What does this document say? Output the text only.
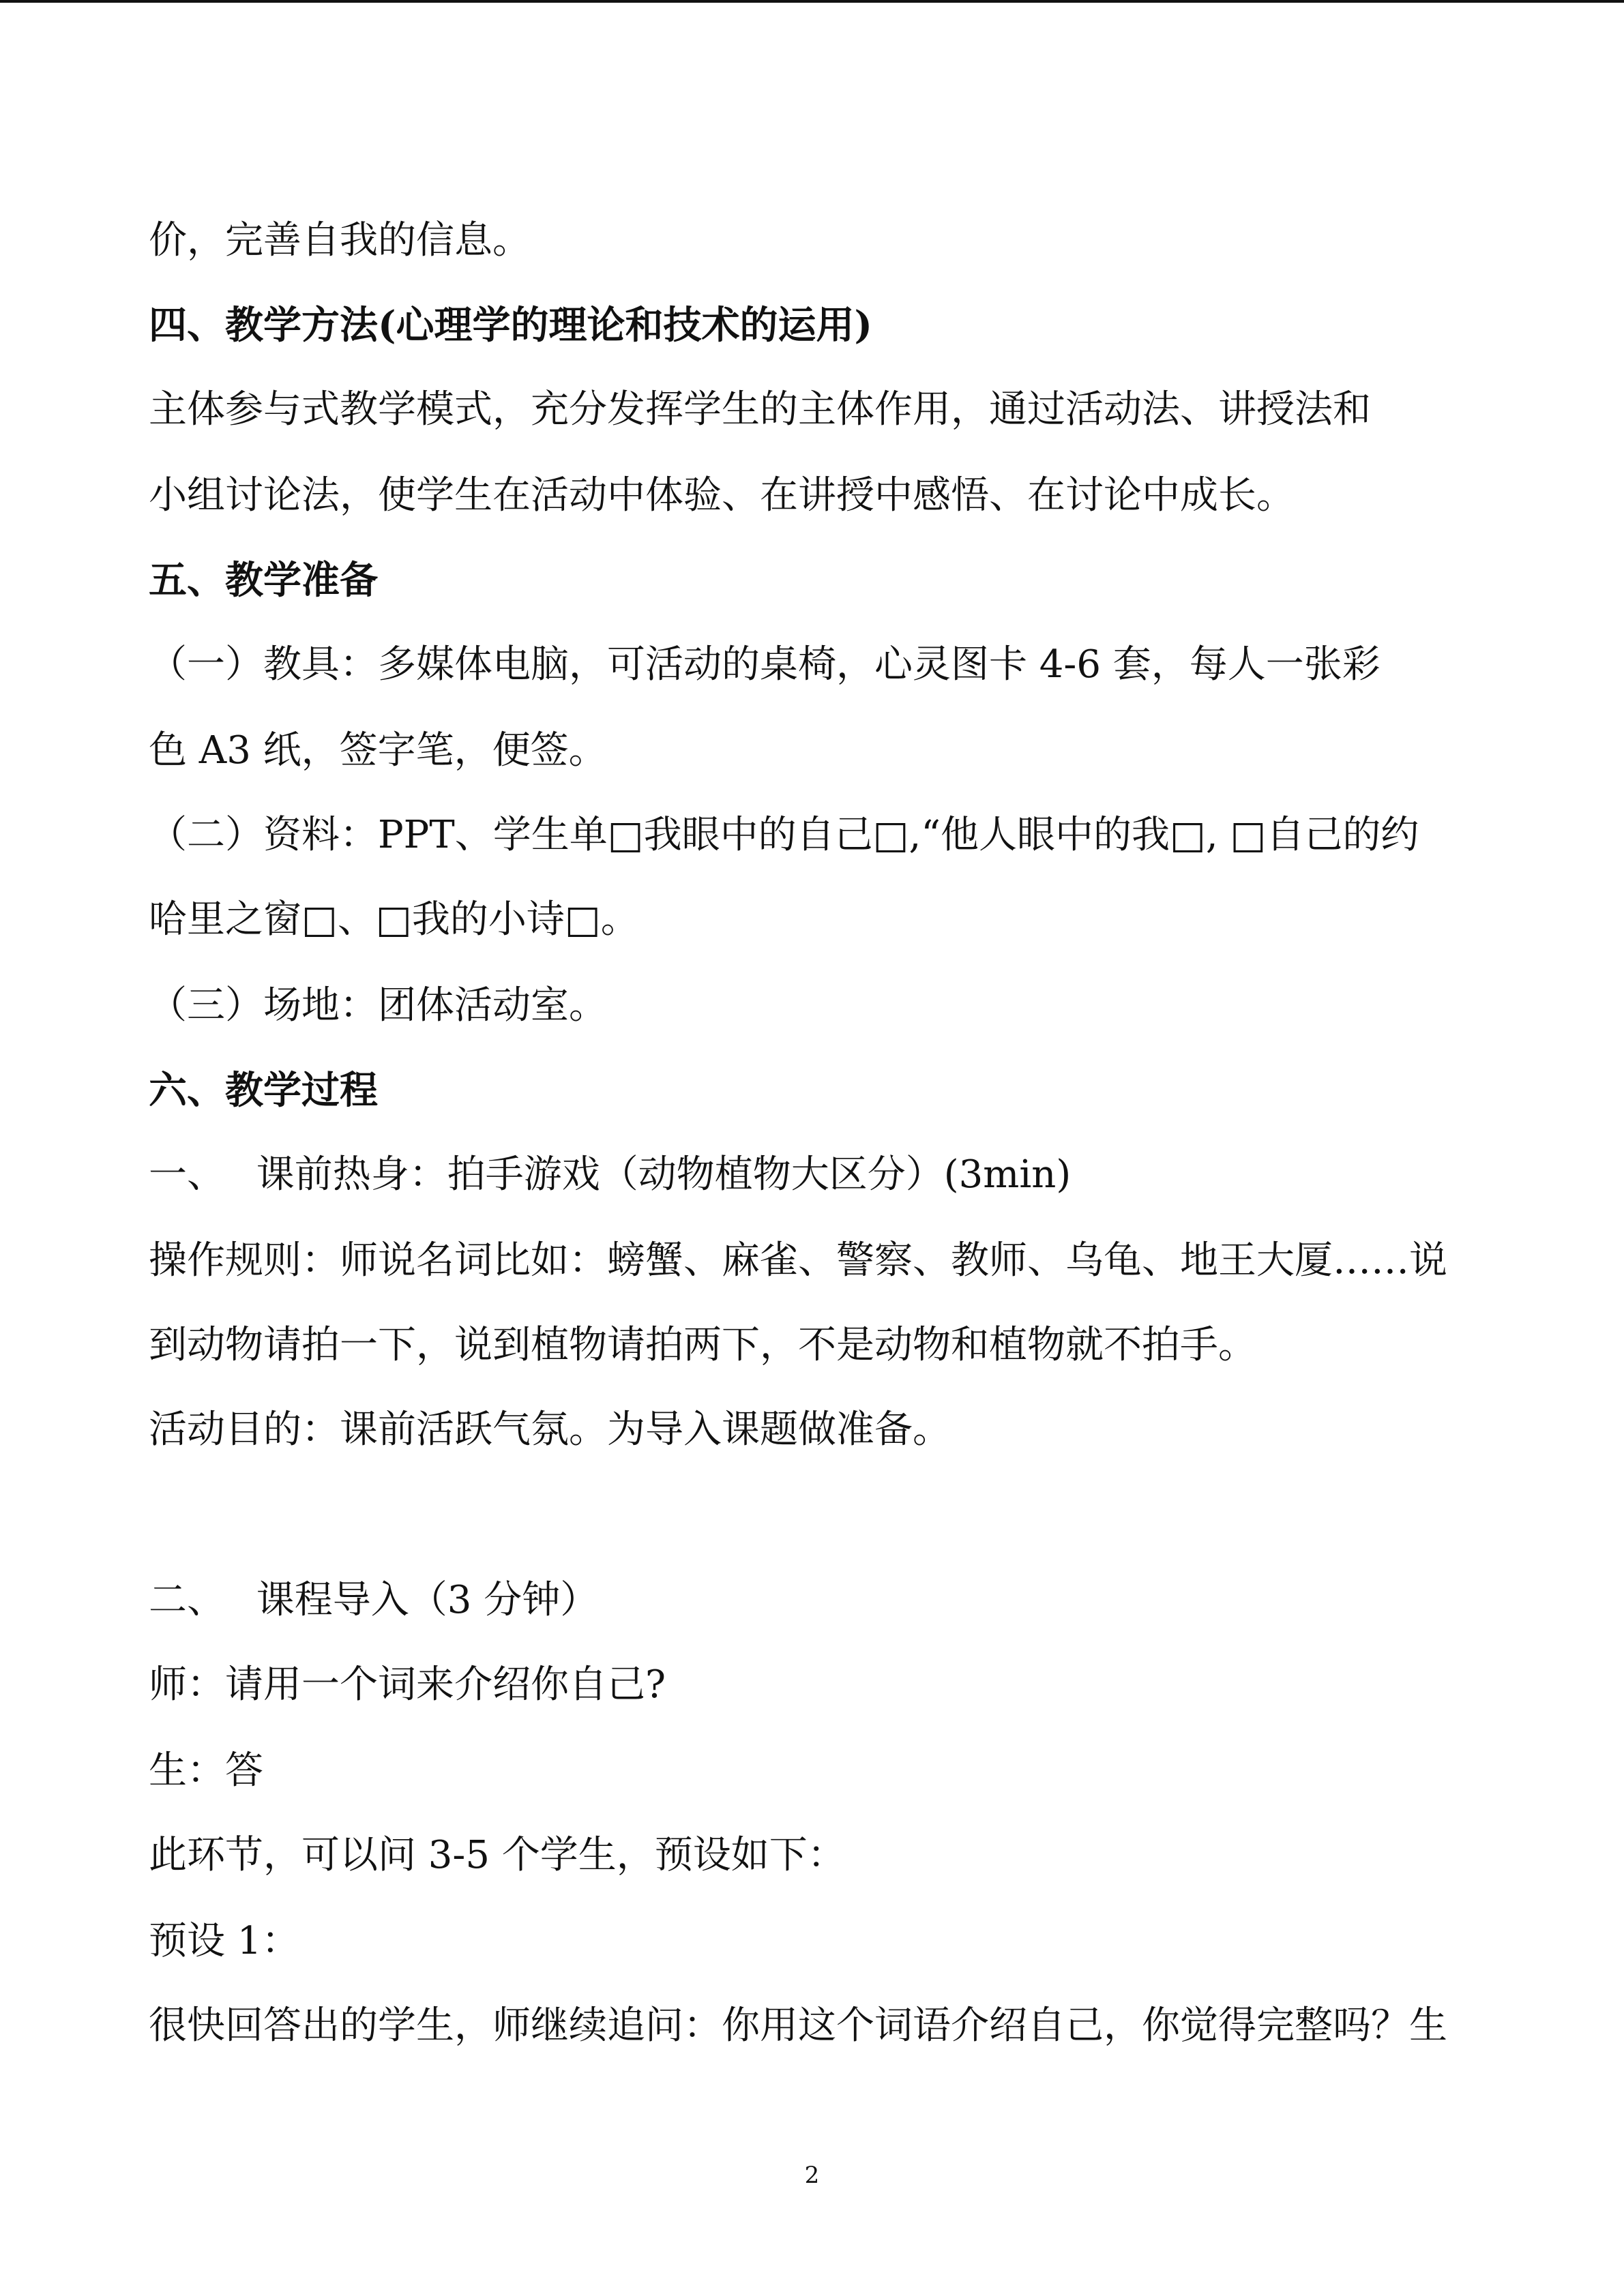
价，完善自我的信息。

四、教学方法(心理学的理论和技术的运用)

主体参与式教学模式，充分发挥学生的主体作用，通过活动法、讲授法和

小组讨论法，使学生在活动中体验、在讲授中感悟、在讨论中成长。

五、教学准备

（一）教具：多媒体电脑，可活动的桌椅，心灵图卡 4-6 套，每人一张彩

色 A3 纸，签字笔，便签。

（二）资料：PPT、学生单□我眼中的自己□,“他人眼中的我□, □自己的约

哈里之窗□、□我的小诗□。

（三）场地：团体活动室。

六、教学过程

一、　 课前热身：拍手游戏（动物植物大区分）(3min)

操作规则：师说名词比如：螃蟹、麻雀、警察、教师、乌龟、地王大厦……说

到动物请拍一下，说到植物请拍两下，不是动物和植物就不拍手。

活动目的：课前活跃气氛。为导入课题做准备。

二、　 课程导入（3 分钟）

师：请用一个词来介绍你自己?

生：答

此环节，可以问 3-5 个学生，预设如下：

预设 1：

很快回答出的学生，师继续追问：你用这个词语介绍自己，你觉得完整吗？生

2
